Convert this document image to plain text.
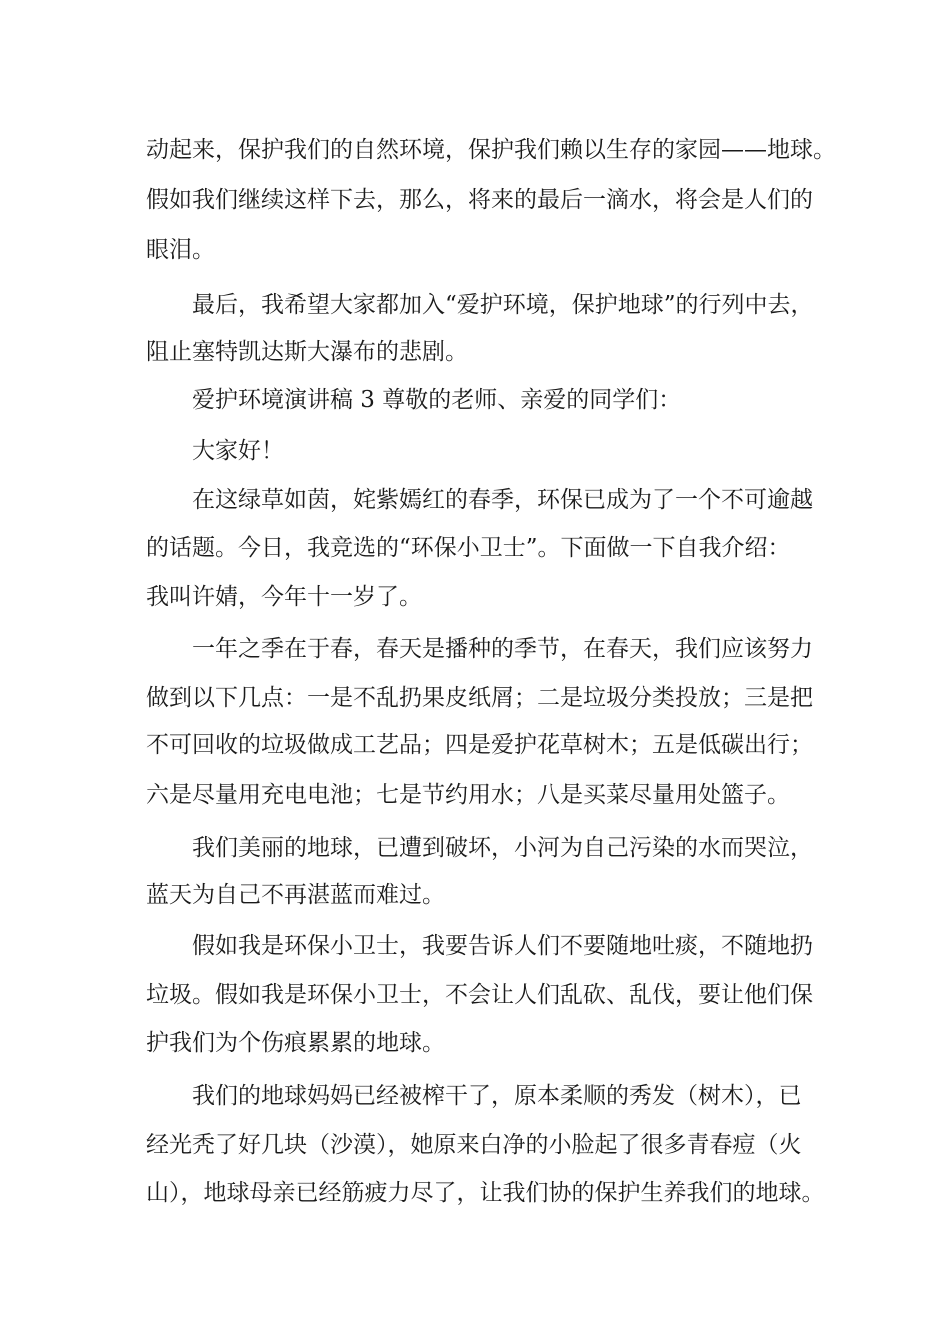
动起来，保护我们的自然环境，保护我们赖以生存的家园——地球。
假如我们继续这样下去，那么，将来的最后一滴水，将会是人们的
眼泪。
最后，我希望大家都加入“爱护环境，保护地球”的行列中去，
阻止塞特凯达斯大瀑布的悲剧。
爱护环境演讲稿 3 尊敬的老师、亲爱的同学们：
大家好！
在这绿草如茵，姹紫嫣红的春季，环保已成为了一个不可逾越
的话题。今日，我竞选的“环保小卫士”。下面做一下自我介绍：
我叫许婧，今年十一岁了。
一年之季在于春，春天是播种的季节，在春天，我们应该努力
做到以下几点：一是不乱扔果皮纸屑；二是垃圾分类投放；三是把
不可回收的垃圾做成工艺品；四是爱护花草树木；五是低碳出行；
六是尽量用充电电池；七是节约用水；八是买菜尽量用处篮子。
我们美丽的地球，已遭到破坏，小河为自己污染的水而哭泣，
蓝天为自己不再湛蓝而难过。
假如我是环保小卫士，我要告诉人们不要随地吐痰，不随地扔
垃圾。假如我是环保小卫士，不会让人们乱砍、乱伐，要让他们保
护我们为个伤痕累累的地球。
我们的地球妈妈已经被榨干了，原本柔顺的秀发（树木），已
经光秃了好几块（沙漠），她原来白净的小脸起了很多青春痘（火
山），地球母亲已经筋疲力尽了，让我们协的保护生养我们的地球。
